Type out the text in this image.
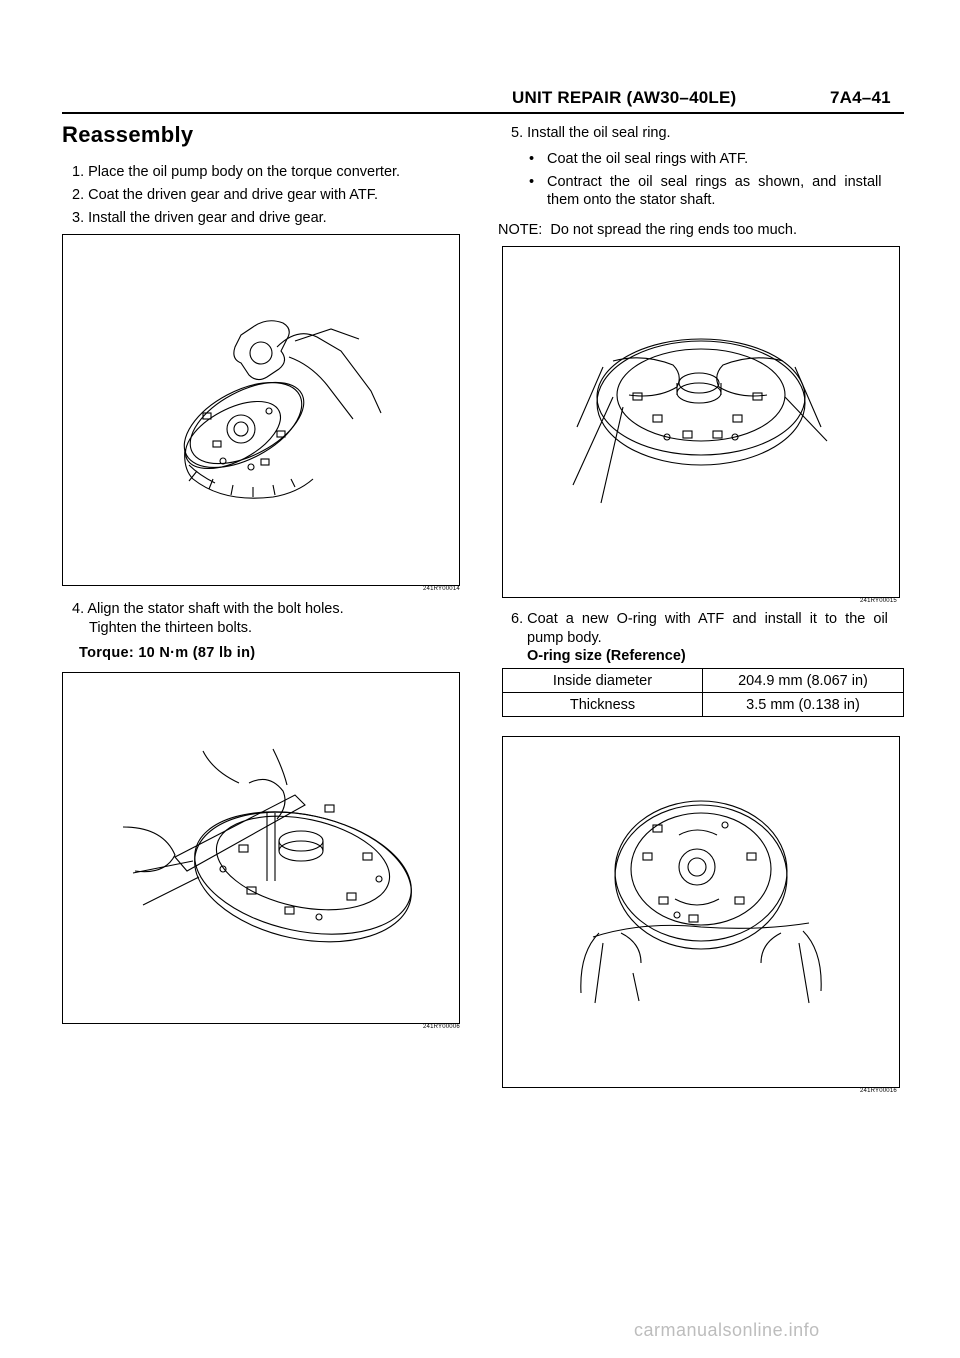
UNIT REPAIR (AW30–40LE)	7A4–41
Reassembly
1. Place the oil pump body on the torque converter.
2. Coat the driven gear and drive gear with ATF.
3. Install the driven gear and drive gear.
241RY00014
4. Align the stator shaft with the bolt holes.
Tighten the thirteen bolts.
Torque: 10 N·m (87 lb in)
241RY00006
5. Install the oil seal ring.
• Coat the oil seal rings with ATF.
• Contract  the  oil  seal  rings  as  shown,  and  install
them onto the stator shaft.
NOTE:  Do not spread the ring ends too much.
241RY00015
6. Coat  a  new  O-ring  with  ATF  and  install  it  to  the  oil
pump body.
O-ring size (Reference)
Inside diameter	204.9 mm (8.067 in)
Thickness	3.5 mm (0.138 in)
241RY00016
carmanualsonline.info
